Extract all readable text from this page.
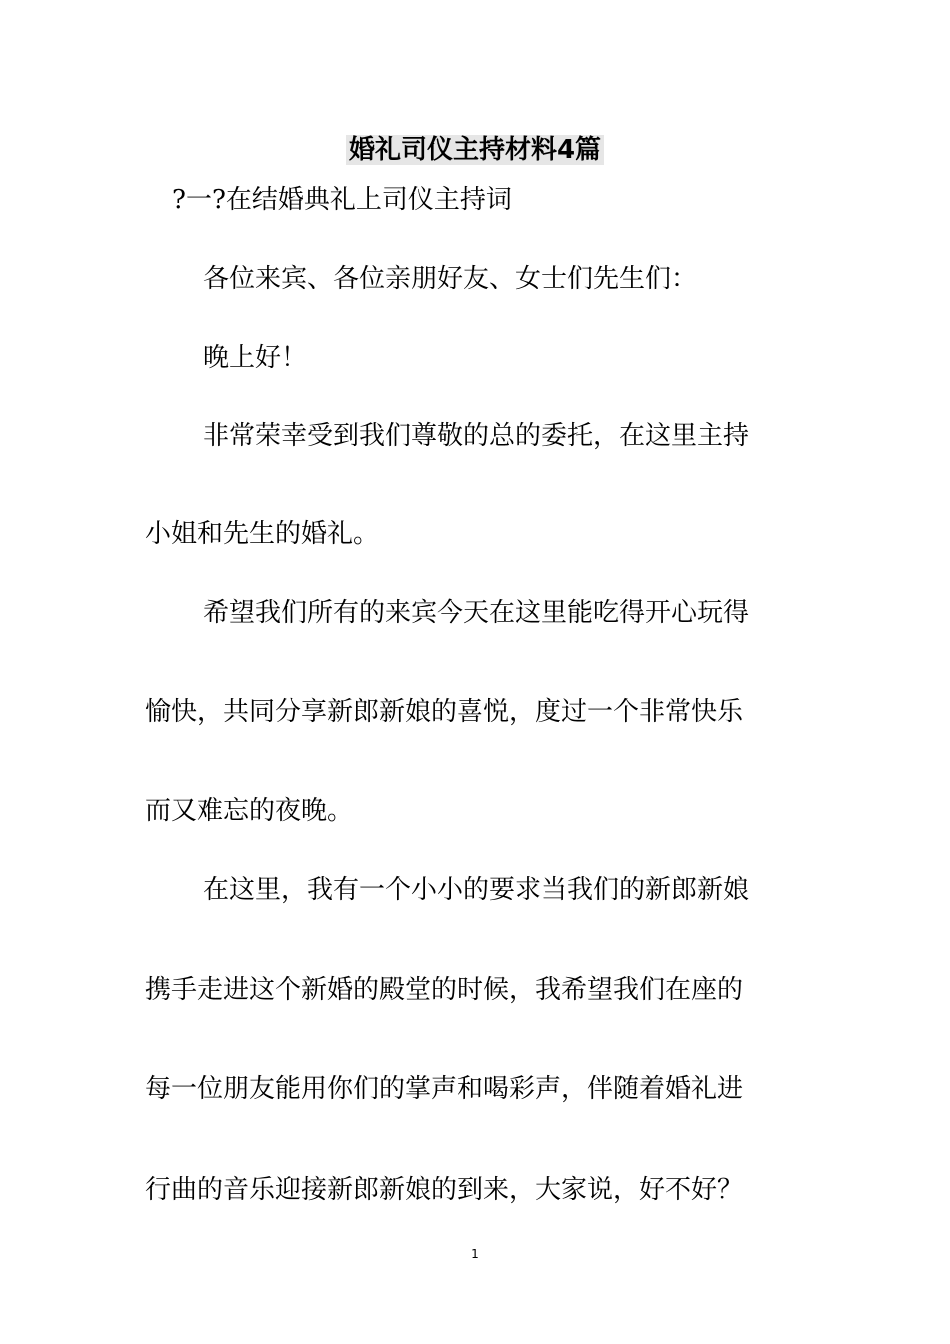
婚礼司仪主持材料4篇

?一?在结婚典礼上司仪主持词

各位来宾、各位亲朋好友、女士们先生们：

晚上好！

非常荣幸受到我们尊敬的总的委托，在这里主持

小姐和先生的婚礼。

希望我们所有的来宾今天在这里能吃得开心玩得

愉快，共同分享新郎新娘的喜悦，度过一个非常快乐

而又难忘的夜晚。

在这里，我有一个小小的要求当我们的新郎新娘

携手走进这个新婚的殿堂的时候，我希望我们在座的

每一位朋友能用你们的掌声和喝彩声，伴随着婚礼进

行曲的音乐迎接新郎新娘的到来，大家说，好不好？

1
